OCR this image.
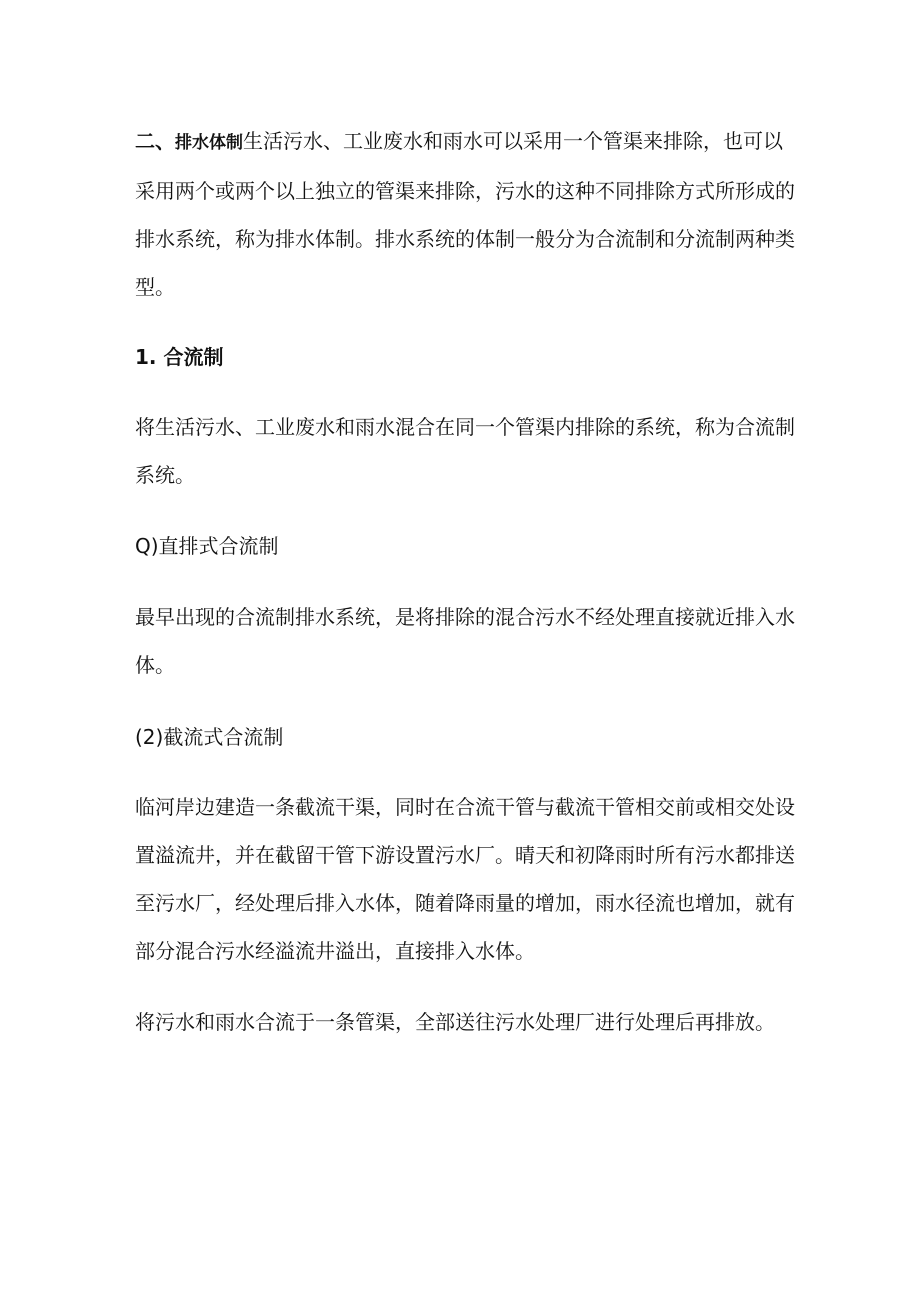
二、排水体制生活污水、工业废水和雨水可以采用一个管渠来排除，也可以采用两个或两个以上独立的管渠来排除，污水的这种不同排除方式所形成的排水系统，称为排水体制。排水系统的体制一般分为合流制和分流制两种类型。

1. 合流制

将生活污水、工业废水和雨水混合在同一个管渠内排除的系统，称为合流制系统。

Q)直排式合流制

最早出现的合流制排水系统，是将排除的混合污水不经处理直接就近排入水体。

(2)截流式合流制

临河岸边建造一条截流干渠，同时在合流干管与截流干管相交前或相交处设置溢流井，并在截留干管下游设置污水厂。晴天和初降雨时所有污水都排送至污水厂，经处理后排入水体，随着降雨量的增加，雨水径流也增加，就有部分混合污水经溢流井溢出，直接排入水体。

将污水和雨水合流于一条管渠，全部送往污水处理厂进行处理后再排放。
